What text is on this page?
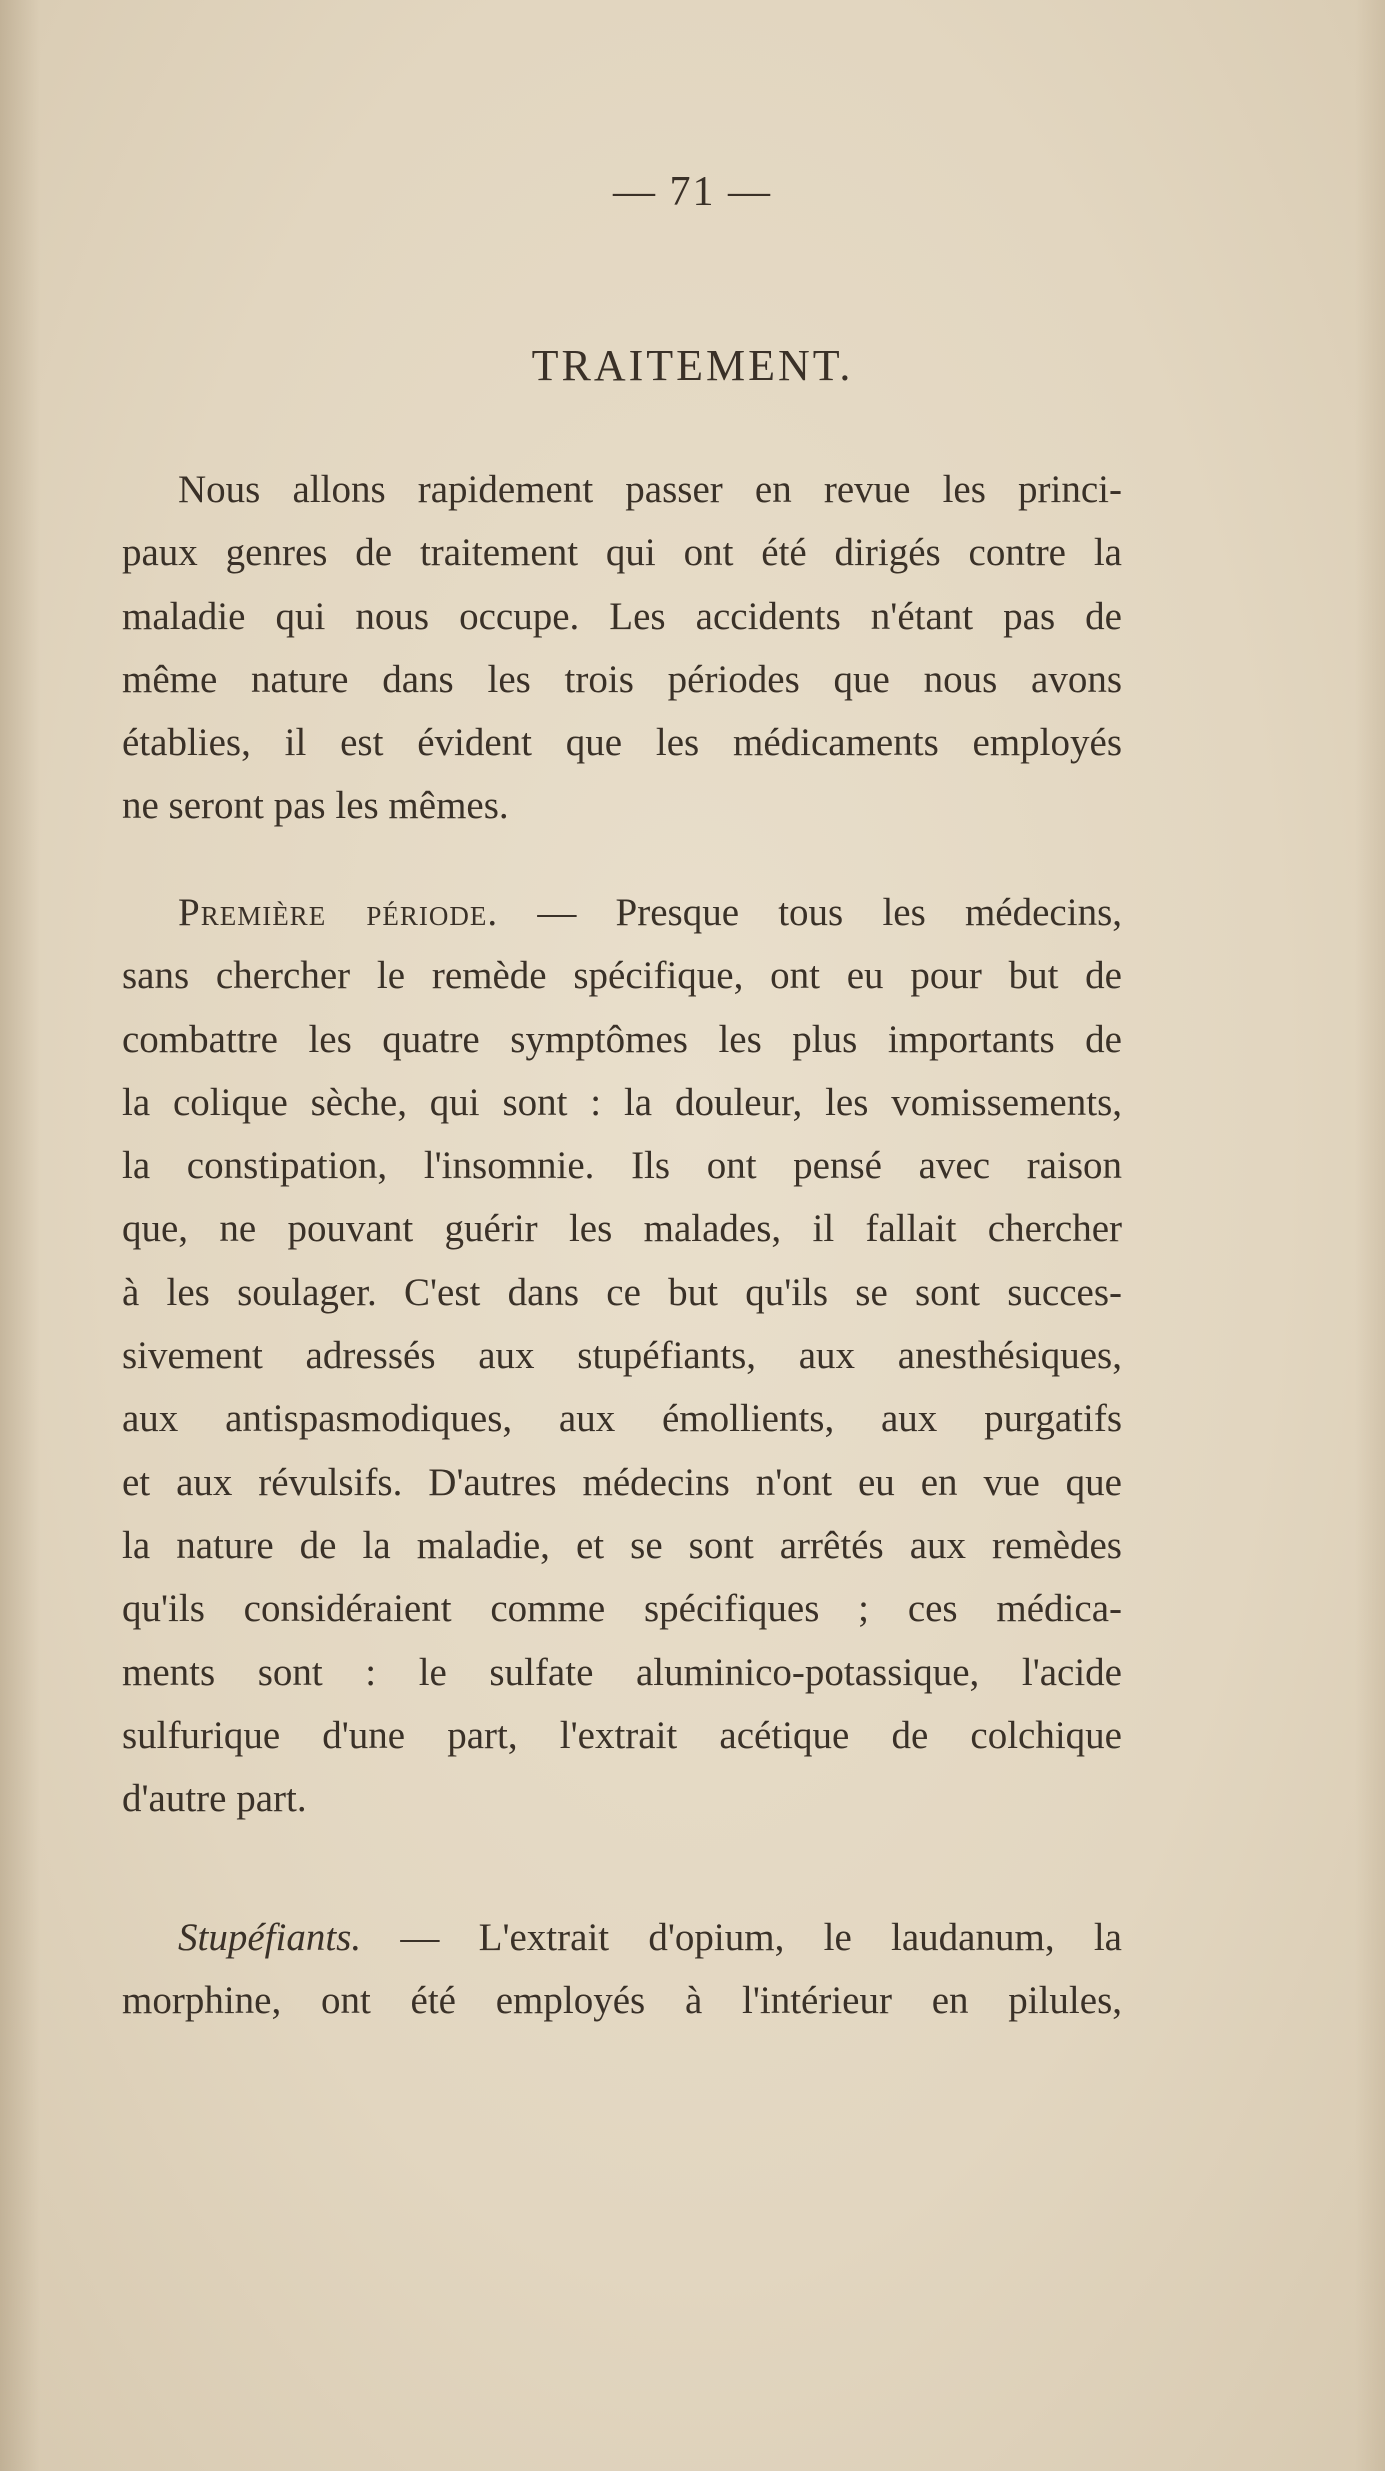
— 71 —
TRAITEMENT.
Nous allons rapidement passer en revue les princi-
paux genres de traitement qui ont été dirigés contre la
maladie qui nous occupe. Les accidents n'étant pas de
même nature dans les trois périodes que nous avons
établies, il est évident que les médicaments employés
ne seront pas les mêmes.
Première période. — Presque tous les médecins,
sans chercher le remède spécifique, ont eu pour but de
combattre les quatre symptômes les plus importants de
la colique sèche, qui sont : la douleur, les vomissements,
la constipation, l'insomnie. Ils ont pensé avec raison
que, ne pouvant guérir les malades, il fallait chercher
à les soulager. C'est dans ce but qu'ils se sont succes-
sivement adressés aux stupéfiants, aux anesthésiques,
aux antispasmodiques, aux émollients, aux purgatifs
et aux révulsifs. D'autres médecins n'ont eu en vue que
la nature de la maladie, et se sont arrêtés aux remèdes
qu'ils considéraient comme spécifiques ; ces médica-
ments sont : le sulfate aluminico-potassique, l'acide
sulfurique d'une part, l'extrait acétique de colchique
d'autre part.
Stupéfiants. — L'extrait d'opium, le laudanum, la
morphine, ont été employés à l'intérieur en pilules,
